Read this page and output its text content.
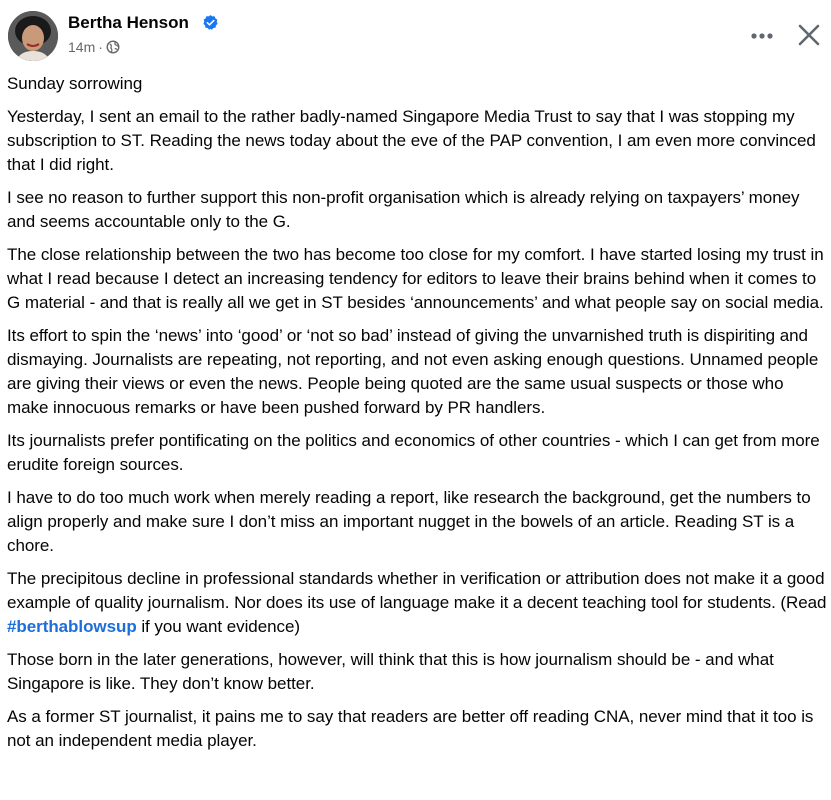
Bertha Henson
14m ·

Sunday sorrowing

Yesterday, I sent an email to the rather badly-named Singapore Media Trust to say that I was stopping my subscription to ST. Reading the news today about the eve of the PAP convention, I am even more convinced that I did right.

I see no reason to further support this non-profit organisation which is already relying on taxpayers’ money and seems accountable only to the G.

The close relationship between the two has become too close for my comfort. I have started losing my trust in what I read because I detect an increasing tendency for editors to leave their brains behind when it comes to G material - and that is really all we get in ST besides ‘announcements’ and what people say on social media.

Its effort to spin the ‘news’ into ‘good’ or ‘not so bad’ instead of giving the unvarnished truth is dispiriting and dismaying. Journalists are repeating, not reporting, and not even asking enough questions. Unnamed people are giving their views or even the news. People being quoted are the same usual suspects or those who make innocuous remarks or have been pushed forward by PR handlers.

Its journalists prefer pontificating on the politics and economics of other countries - which I can get from more erudite foreign sources.

I have to do too much work when merely reading a report, like research the background, get the numbers to align properly and make sure I don’t miss an important nugget in the bowels of an article. Reading ST is a chore.

The precipitous decline in professional standards whether in verification or attribution does not make it a good example of quality journalism. Nor does its use of language make it a decent teaching tool for students. (Read #berthablowsup if you want evidence)

Those born in the later generations, however, will think that this is how journalism should be - and what Singapore is like. They don’t know better.

As a former ST journalist, it pains me to say that readers are better off reading CNA, never mind that it too is not an independent media player.
